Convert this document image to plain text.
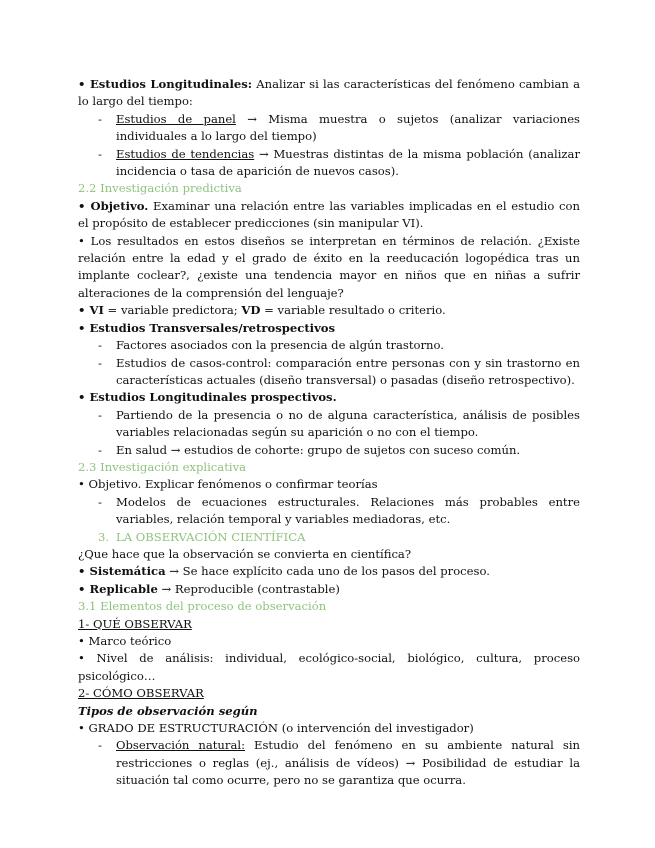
• Estudios Longitudinales: Analizar si las características del fenómeno cambian a lo largo del tiempo:

- Estudios de panel → Misma muestra o sujetos (analizar variaciones individuales a lo largo del tiempo)

- Estudios de tendencias → Muestras distintas de la misma población (analizar incidencia o tasa de aparición de nuevos casos).

2.2 Investigación predictiva

• Objetivo. Examinar una relación entre las variables implicadas en el estudio con el propósito de establecer predicciones (sin manipular VI).

• Los resultados en estos diseños se interpretan en términos de relación. ¿Existe relación entre la edad y el grado de éxito en la reeducación logopédica tras un implante coclear?, ¿existe una tendencia mayor en niños que en niñas a sufrir alteraciones de la comprensión del lenguaje?

• VI = variable predictora; VD = variable resultado o criterio.

• Estudios Transversales/retrospectivos

- Factores asociados con la presencia de algún trastorno.

- Estudios de casos-control: comparación entre personas con y sin trastorno en características actuales (diseño transversal) o pasadas (diseño retrospectivo).

• Estudios Longitudinales prospectivos.

- Partiendo de la presencia o no de alguna característica, análisis de posibles variables relacionadas según su aparición o no con el tiempo.

- En salud → estudios de cohorte: grupo de sujetos con suceso común.

2.3 Investigación explicativa

• Objetivo. Explicar fenómenos o confirmar teorías

- Modelos de ecuaciones estructurales. Relaciones más probables entre variables, relación temporal y variables mediadoras, etc.

3. LA OBSERVACIÓN CIENTÍFICA

¿Que hace que la observación se convierta en científica?

• Sistemática → Se hace explícito cada uno de los pasos del proceso.

• Replicable → Reproducible (contrastable)

3.1 Elementos del proceso de observación

1- QUÉ OBSERVAR

• Marco teórico

• Nivel de análisis: individual, ecológico-social, biológico, cultura, proceso psicológico…

2- CÓMO OBSERVAR

Tipos de observación según

• GRADO DE ESTRUCTURACIÓN (o intervención del investigador)

- Observación natural: Estudio del fenómeno en su ambiente natural sin restricciones o reglas (ej., análisis de vídeos) → Posibilidad de estudiar la situación tal como ocurre, pero no se garantiza que ocurra.
